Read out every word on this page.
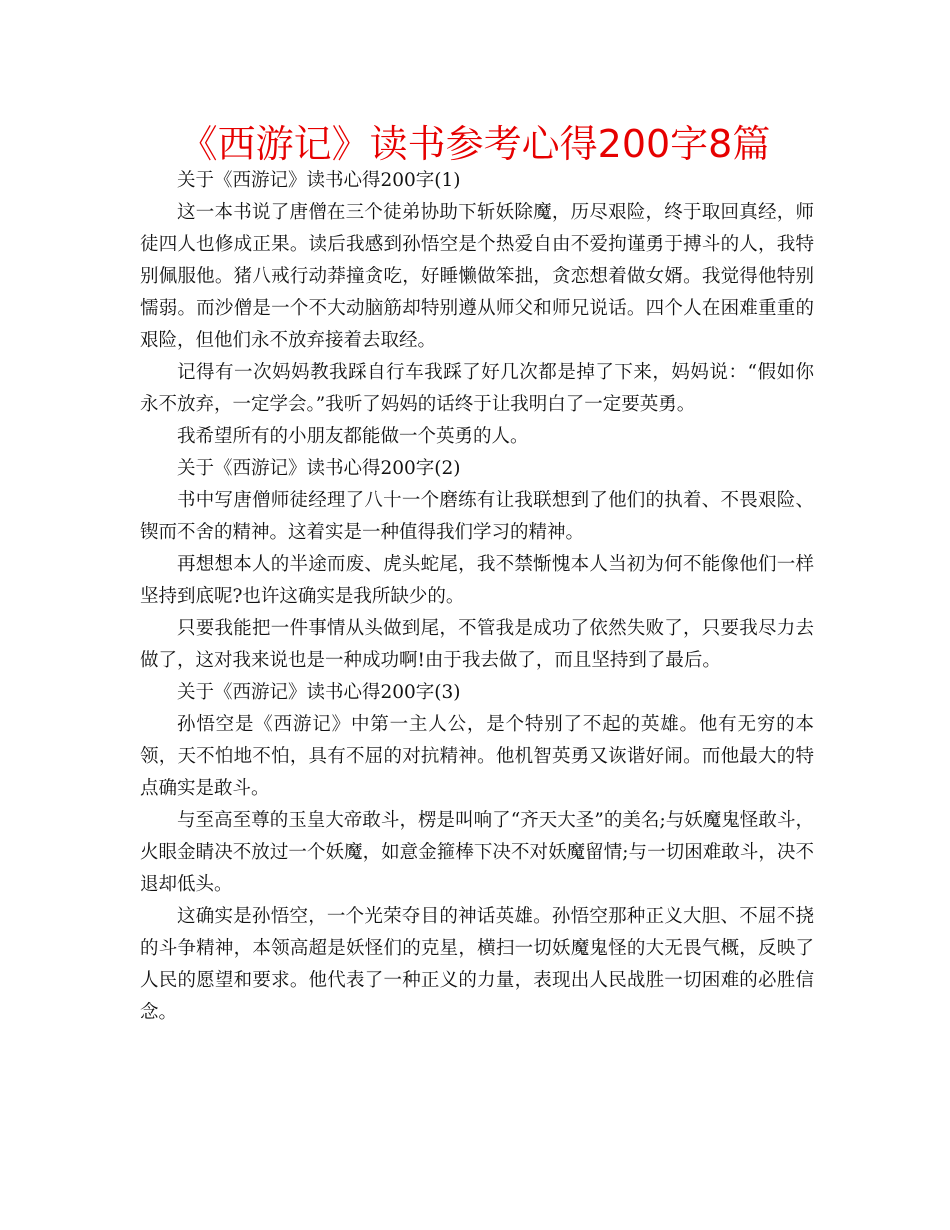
《西游记》读书参考心得200字8篇

关于《西游记》读书心得200字(1)

这一本书说了唐僧在三个徒弟协助下斩妖除魔，历尽艰险，终于取回真经，师徒四人也修成正果。读后我感到孙悟空是个热爱自由不爱拘谨勇于搏斗的人，我特别佩服他。猪八戒行动莽撞贪吃，好睡懒做笨拙，贪恋想着做女婿。我觉得他特别懦弱。而沙僧是一个不大动脑筋却特别遵从师父和师兄说话。四个人在困难重重的艰险，但他们永不放弃接着去取经。

记得有一次妈妈教我踩自行车我踩了好几次都是掉了下来，妈妈说：“假如你永不放弃，一定学会。”我听了妈妈的话终于让我明白了一定要英勇。

我希望所有的小朋友都能做一个英勇的人。

关于《西游记》读书心得200字(2)

书中写唐僧师徒经理了八十一个磨练有让我联想到了他们的执着、不畏艰险、锲而不舍的精神。这着实是一种值得我们学习的精神。

再想想本人的半途而废、虎头蛇尾，我不禁惭愧本人当初为何不能像他们一样坚持到底呢?也许这确实是我所缺少的。

只要我能把一件事情从头做到尾，不管我是成功了依然失败了，只要我尽力去做了，这对我来说也是一种成功啊!由于我去做了，而且坚持到了最后。

关于《西游记》读书心得200字(3)

孙悟空是《西游记》中第一主人公，是个特别了不起的英雄。他有无穷的本领，天不怕地不怕，具有不屈的对抗精神。他机智英勇又诙谐好闹。而他最大的特点确实是敢斗。

与至高至尊的玉皇大帝敢斗，楞是叫响了“齐天大圣”的美名;与妖魔鬼怪敢斗，火眼金睛决不放过一个妖魔，如意金箍棒下决不对妖魔留情;与一切困难敢斗，决不退却低头。

这确实是孙悟空，一个光荣夺目的神话英雄。孙悟空那种正义大胆、不屈不挠的斗争精神，本领高超是妖怪们的克星，横扫一切妖魔鬼怪的大无畏气概，反映了人民的愿望和要求。他代表了一种正义的力量，表现出人民战胜一切困难的必胜信念。
